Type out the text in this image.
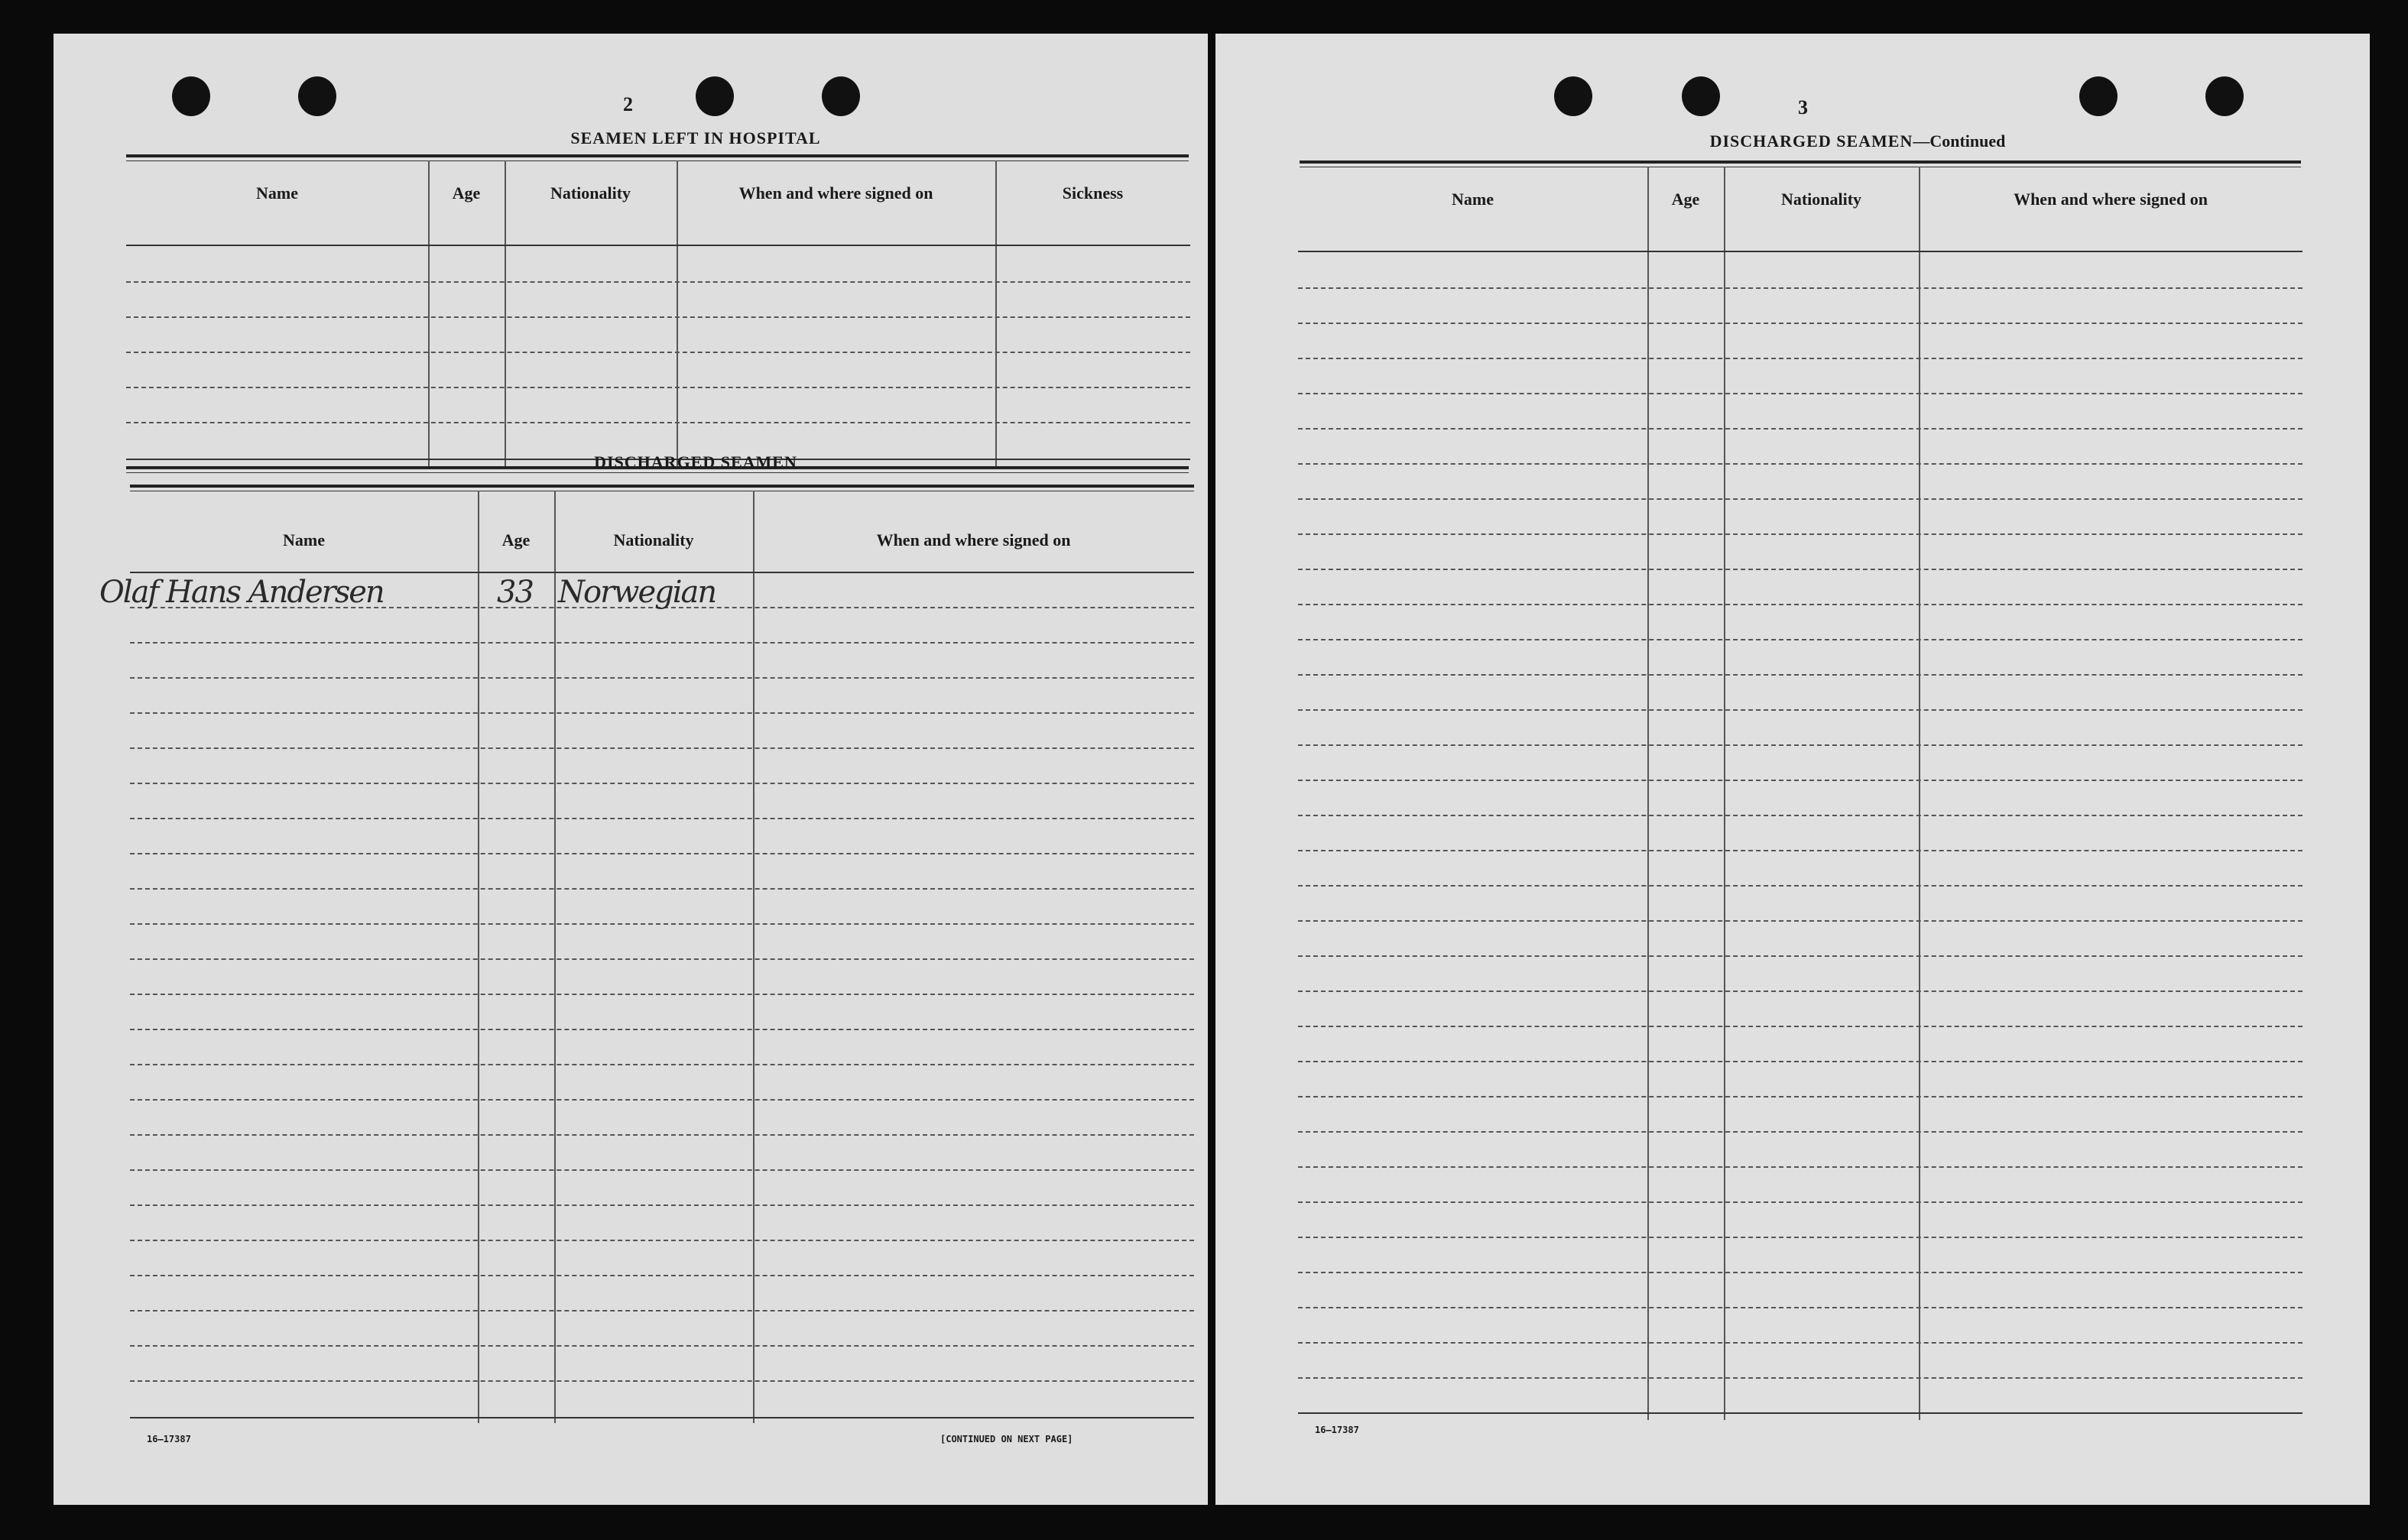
2
SEAMEN LEFT IN HOSPITAL
Name	Age	Nationality	When and where signed on	Sickness
DISCHARGED SEAMEN
Name	Age	Nationality	When and where signed on
Olaf Hans Andersen	33 Norwegian
16—17387	[CONTINUED ON NEXT PAGE]
3
DISCHARGED SEAMEN—Continued
Name	Age	Nationality	When and where signed on
16—17387
